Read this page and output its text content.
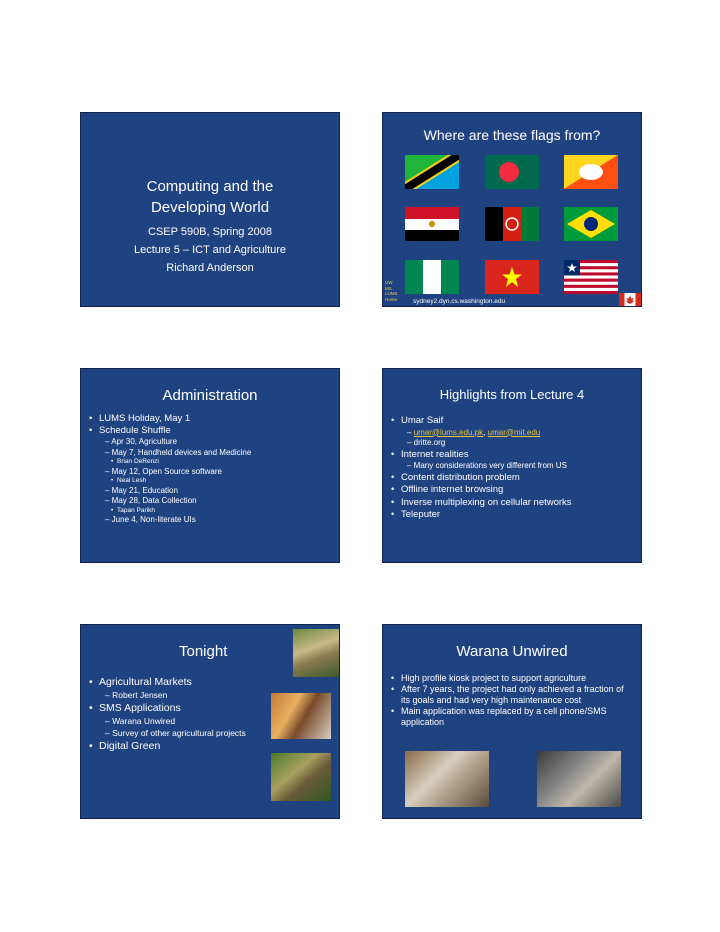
Computing and the Developing World
CSEP 590B, Spring 2008
Lecture 5 – ICT and Agriculture
Richard Anderson
Where are these flags from?
UW
MS
LUMS
Home sydney2.dyn.cs.washington.edu
Administration
• LUMS Holiday, May 1
• Schedule Shuffle
– Apr 30, Agriculture
– May 7, Handheld devices and Medicine
• Brian DeRenzi
– May 12, Open Source software
• Neal Lesh
– May 21, Education
– May 28, Data Collection
• Tapan Parikh
– June 4, Non-literate UIs
Highlights from Lecture 4
• Umar Saif
– umar@lums.edu.pk, umar@mit.edu
– dritte.org
• Internet realities
– Many considerations very different from US
• Content distribution problem
• Offline internet browsing
• Inverse multiplexing on cellular networks
• Teleputer
Tonight
• Agricultural Markets
– Robert Jensen
• SMS Applications
– Warana Unwired
– Survey of other agricultural projects
• Digital Green
Warana Unwired
• High profile kiosk project to support agriculture
• After 7 years, the project had only achieved a fraction of its goals and had very high maintenance cost
• Main application was replaced by a cell phone/SMS application
